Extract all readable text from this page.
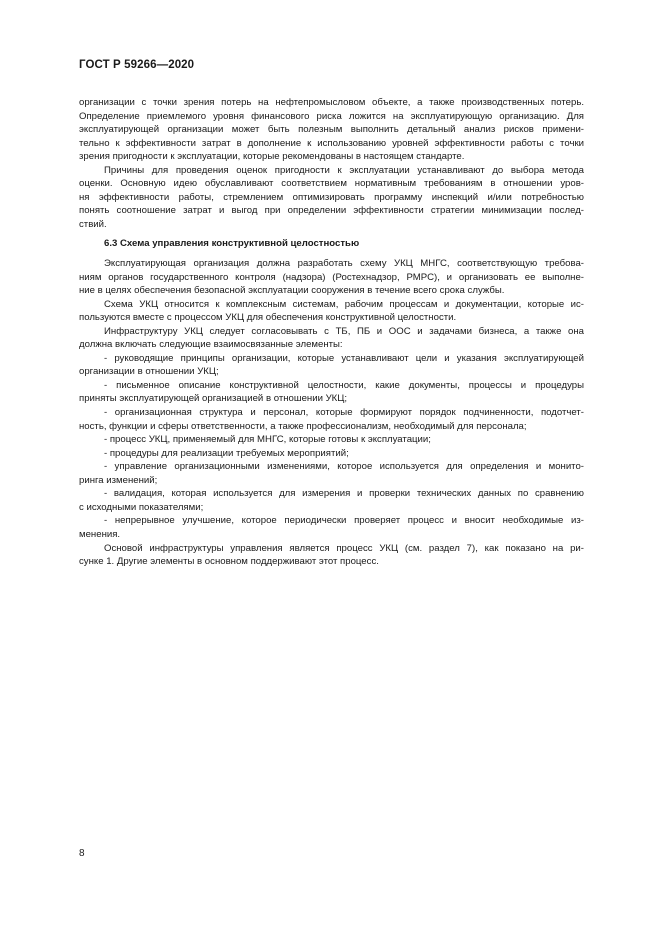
ГОСТ Р 59266—2020
организации с точки зрения потерь на нефтепромысловом объекте, а также производственных потерь.
Определение приемлемого уровня финансового риска ложится на эксплуатирующую организацию. Для
эксплуатирующей организации может быть полезным выполнить детальный анализ рисков примени-
тельно к эффективности затрат в дополнение к использованию уровней эффективности работы с точки
зрения пригодности к эксплуатации, которые рекомендованы в настоящем стандарте.
Причины для проведения оценок пригодности к эксплуатации устанавливают до выбора метода
оценки. Основную идею обуславливают соответствием нормативным требованиям в отношении уров-
ня эффективности работы, стремлением оптимизировать программу инспекций и/или потребностью
понять соотношение затрат и выгод при определении эффективности стратегии минимизации послед-
ствий.
6.3 Схема управления конструктивной целостностью
Эксплуатирующая организация должна разработать схему УКЦ МНГС, соответствующую требова-
ниям органов государственного контроля (надзора) (Ростехнадзор, РМРС), и организовать ее выполне-
ние в целях обеспечения безопасной эксплуатации сооружения в течение всего срока службы.
Схема УКЦ относится к комплексным системам, рабочим процессам и документации, которые ис-
пользуются вместе с процессом УКЦ для обеспечения конструктивной целостности.
Инфраструктуру УКЦ следует согласовывать с ТБ, ПБ и ООС и задачами бизнеса, а также она
должна включать следующие взаимосвязанные элементы:
- руководящие принципы организации, которые устанавливают цели и указания эксплуатирующей
организации в отношении УКЦ;
- письменное описание конструктивной целостности, какие документы, процессы и процедуры
приняты эксплуатирующей организацией в отношении УКЦ;
- организационная структура и персонал, которые формируют порядок подчиненности, подотчет-
ность, функции и сферы ответственности, а также профессионализм, необходимый для персонала;
- процесс УКЦ, применяемый для МНГС, которые готовы к эксплуатации;
- процедуры для реализации требуемых мероприятий;
- управление организационными изменениями, которое используется для определения и монито-
ринга изменений;
- валидация, которая используется для измерения и проверки технических данных по сравнению
с исходными показателями;
- непрерывное улучшение, которое периодически проверяет процесс и вносит необходимые из-
менения.
Основой инфраструктуры управления является процесс УКЦ (см. раздел 7), как показано на ри-
сунке 1. Другие элементы в основном поддерживают этот процесс.
8
